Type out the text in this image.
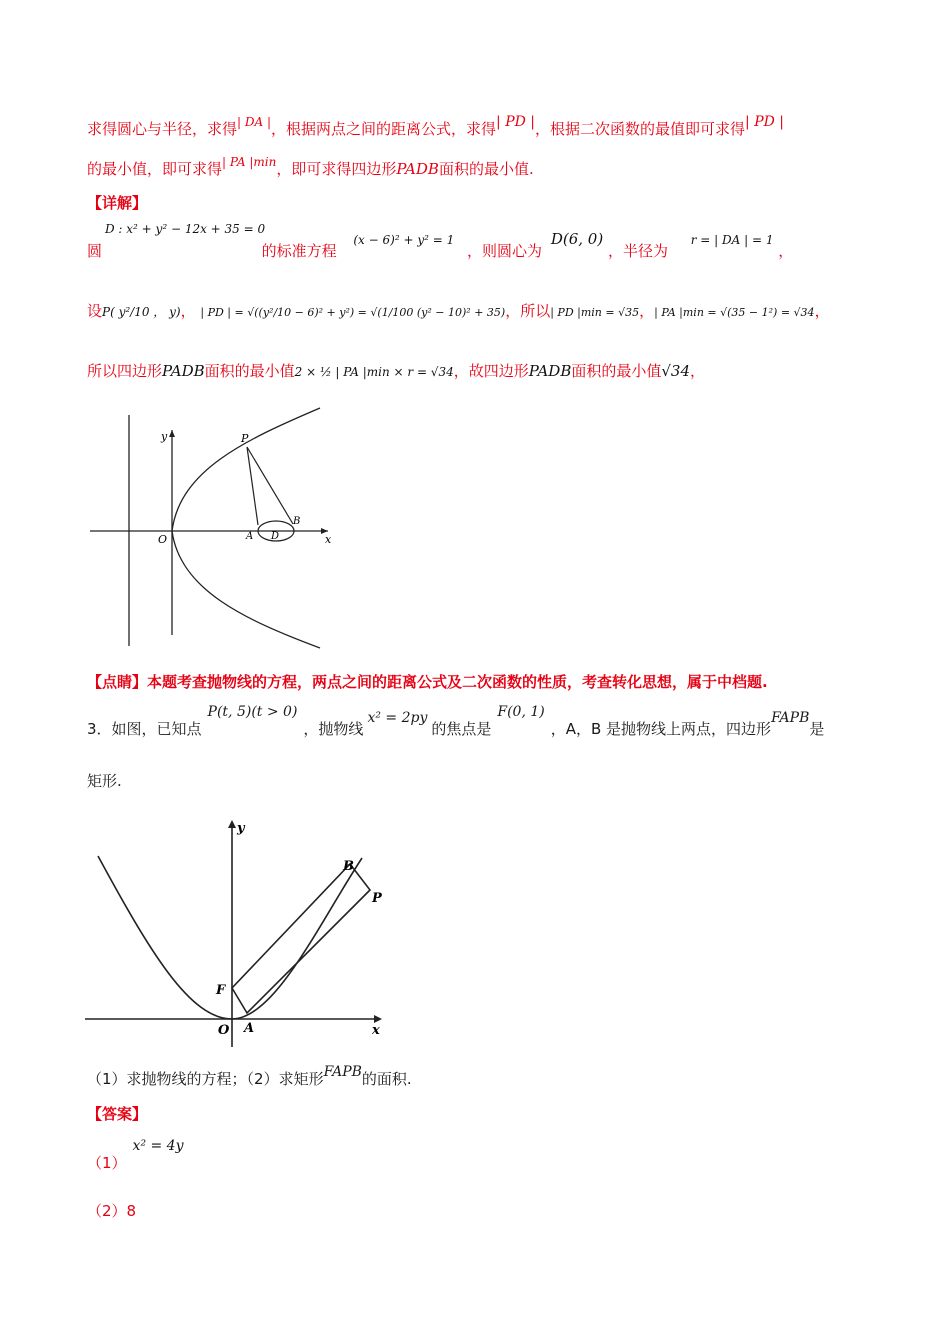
求得圆心与半径，求得$^{| DA |}$，根据两点之间的距离公式，求得| PD |，根据二次函数的最值即可求得| PD |
的最小值，即可求得$^{| PA |min}$，即可求得四边形PADB面积的最小值.
【详解】
D : x² + y² − 12x + 35 = 0
圆	的标准方程 $^{(x - 6)^2 + y^2 = 1}$ ，则圆心为 D(6, 0) ，半径为 $^{r = | DA | = 1}$ ，
设P( y²/10 ， y)， | PD | = √((y²/10 − 6)² + y²) = √(1/100 (y² − 10)² + 35)，所以| PD |min = √35，| PA |min = √(35 − 1²) = √34，
所以四边形PADB面积的最小值2 × ½ | PA |min × r = √34，故四边形PADB面积的最小值√34，
y
x
O
P
A D
B
【点睛】本题考查抛物线的方程，两点之间的距离公式及二次函数的性质，考查转化思想，属于中档题.
3．如图，已知点P(t, 5)(t > 0)，抛物线x² = 2py的焦点是F(0, 1)，A，B 是抛物线上两点，四边形FAPB是
矩形.
y
x
O
F
A
B
P
（1）求抛物线的方程；（2）求矩形FAPB的面积.
【答案】
（1）x² = 4y
（2）8
